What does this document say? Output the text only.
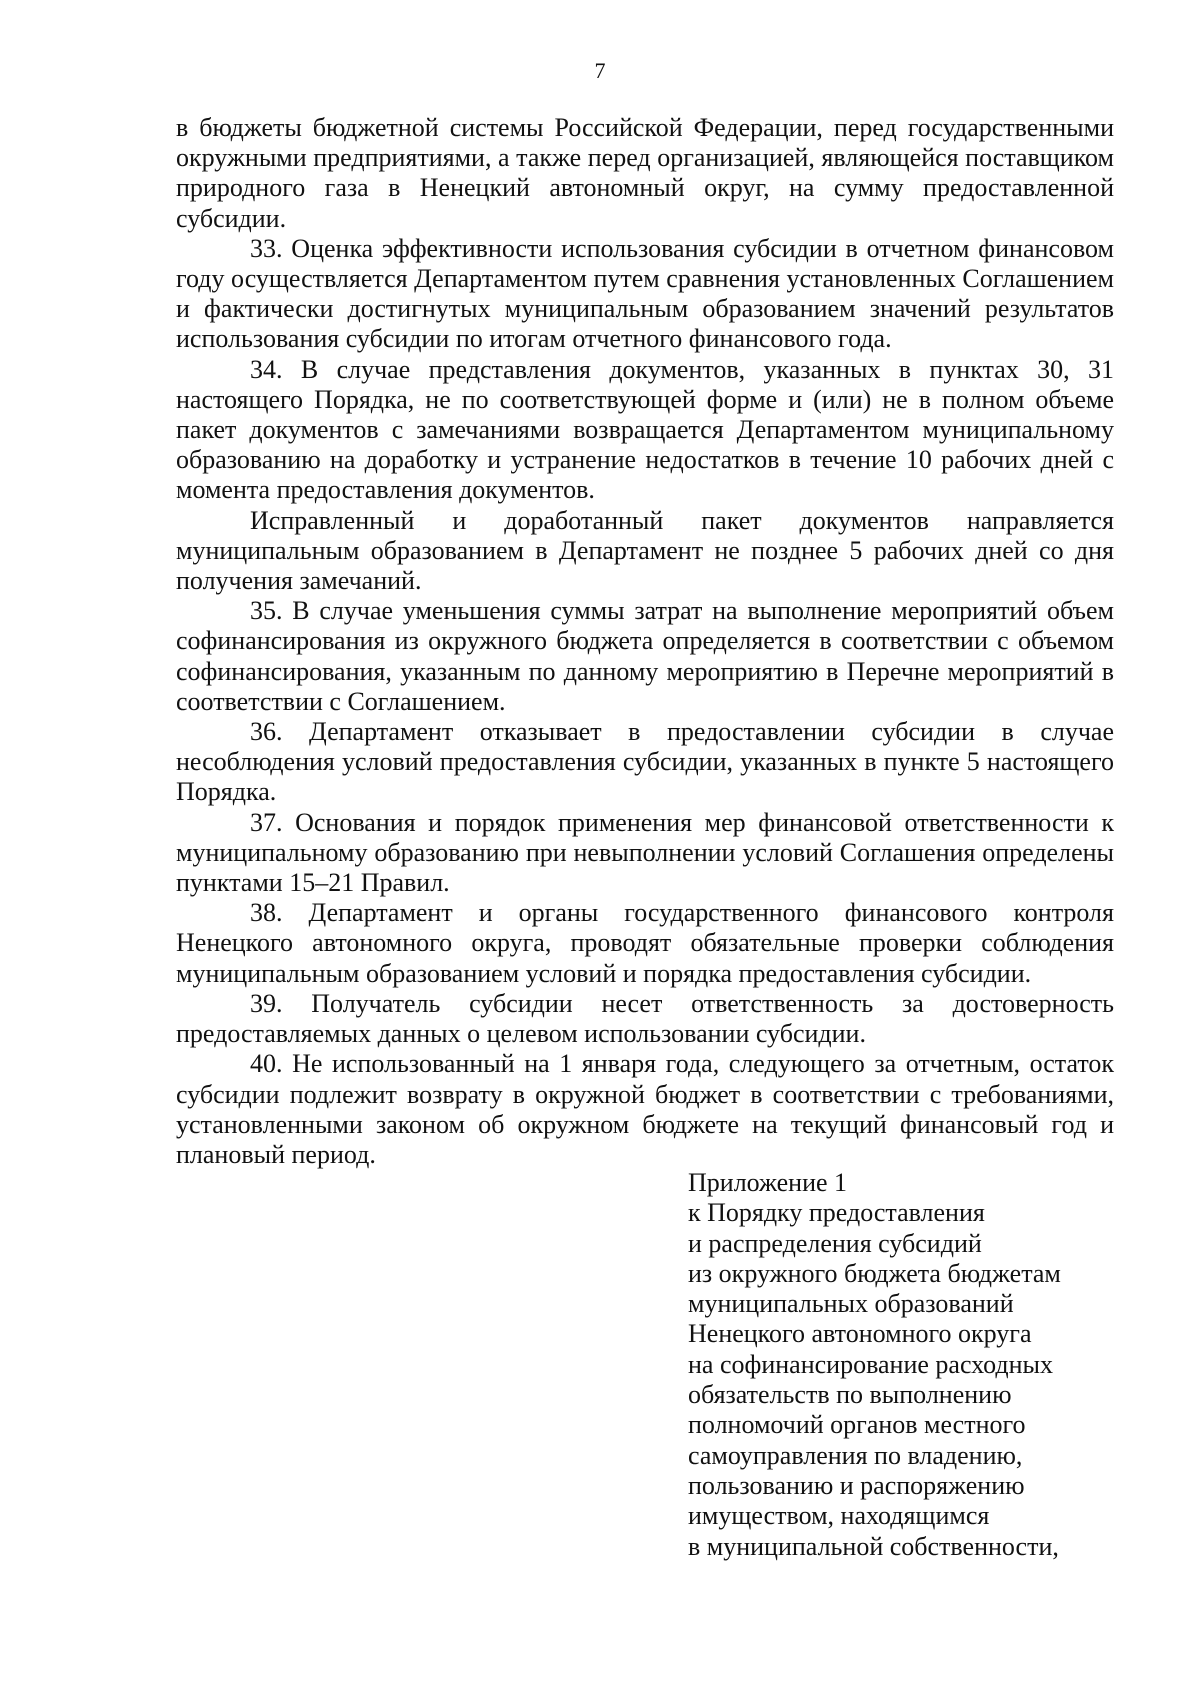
7

в бюджеты бюджетной системы Российской Федерации, перед государственными окружными предприятиями, а также перед организацией, являющейся поставщиком природного газа в Ненецкий автономный округ, на сумму предоставленной субсидии.

33. Оценка эффективности использования субсидии в отчетном финансовом году осуществляется Департаментом путем сравнения установленных Соглашением и фактически достигнутых муниципальным образованием значений результатов использования субсидии по итогам отчетного финансового года.

34. В случае представления документов, указанных в пунктах 30, 31 настоящего Порядка, не по соответствующей форме и (или) не в полном объеме пакет документов с замечаниями возвращается Департаментом муниципальному образованию на доработку и устранение недостатков в течение 10 рабочих дней с момента предоставления документов.

Исправленный и доработанный пакет документов направляется муниципальным образованием в Департамент не позднее 5 рабочих дней со дня получения замечаний.

35. В случае уменьшения суммы затрат на выполнение мероприятий объем софинансирования из окружного бюджета определяется в соответствии с объемом софинансирования, указанным по данному мероприятию в Перечне мероприятий в соответствии с Соглашением.

36. Департамент отказывает в предоставлении субсидии в случае несоблюдения условий предоставления субсидии, указанных в пункте 5 настоящего Порядка.

37. Основания и порядок применения мер финансовой ответственности к муниципальному образованию при невыполнении условий Соглашения определены пунктами 15–21 Правил.

38. Департамент и органы государственного финансового контроля Ненецкого автономного округа, проводят обязательные проверки соблюдения муниципальным образованием условий и порядка предоставления субсидии.

39. Получатель субсидии несет ответственность за достоверность предоставляемых данных о целевом использовании субсидии.

40. Не использованный на 1 января года, следующего за отчетным, остаток субсидии подлежит возврату в окружной бюджет в соответствии с требованиями, установленными законом об окружном бюджете на текущий финансовый год и плановый период.

Приложение 1
к Порядку предоставления
и распределения субсидий
из окружного бюджета бюджетам
муниципальных образований
Ненецкого автономного округа
на софинансирование расходных
обязательств по выполнению
полномочий органов местного
самоуправления по владению,
пользованию и распоряжению
имуществом, находящимся
в муниципальной собственности,
